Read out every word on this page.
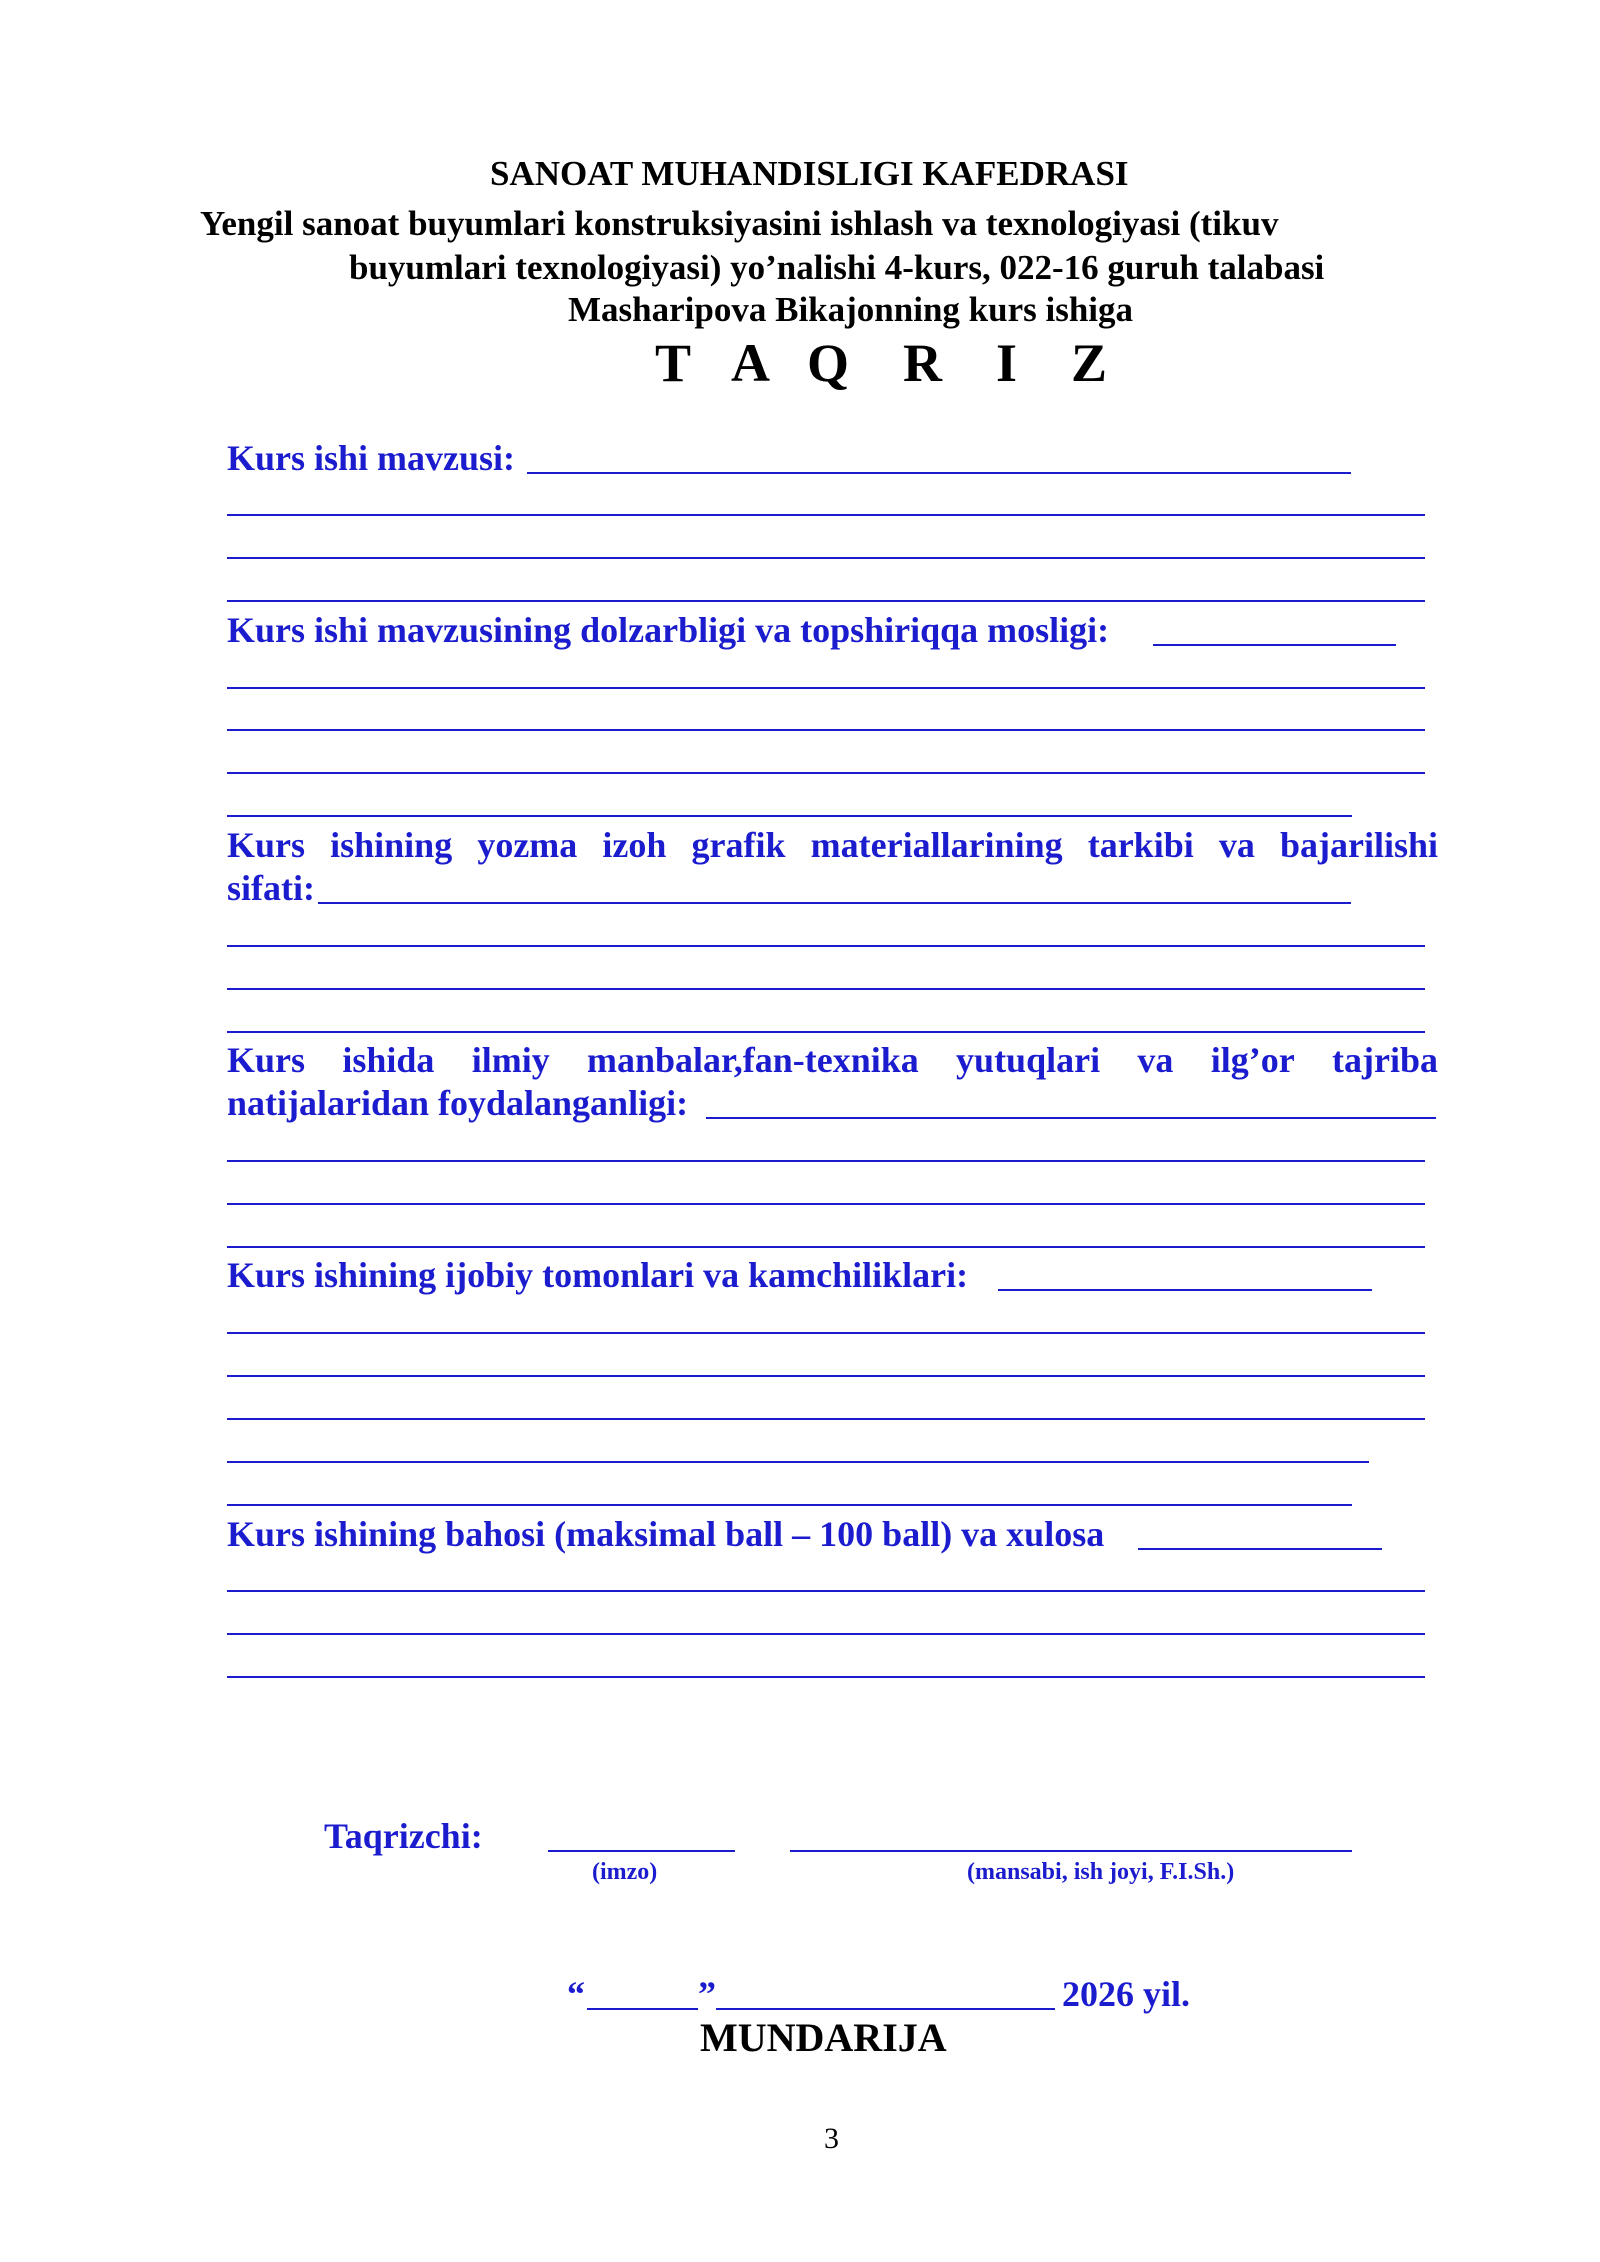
SANOAT MUHANDISLIGI KAFEDRASI
Yengil sanoat buyumlari konstruksiyasini ishlash va texnologiyasi (tikuv
buyumlari texnologiyasi) yo’nalishi 4-kurs, 022-16 guruh talabasi
Masharipova Bikajonning kurs ishiga
T A Q R I Z
Kurs ishi mavzusi:
Kurs ishi mavzusining dolzarbligi va topshiriqqa mosligi:
Kurs ishining yozma izoh grafik materiallarining tarkibi va bajarilishi
sifati:
Kurs ishida ilmiy manbalar,fan-texnika yutuqlari va ilg’or tajriba
natijalaridan foydalanganligi:
Kurs ishining ijobiy tomonlari va kamchiliklari:
Kurs ishining bahosi (maksimal ball – 100 ball) va xulosa
Taqrizchi:
(imzo)	(mansabi, ish joyi, F.I.Sh.)
“	”	2026 yil.
MUNDARIJA
3
